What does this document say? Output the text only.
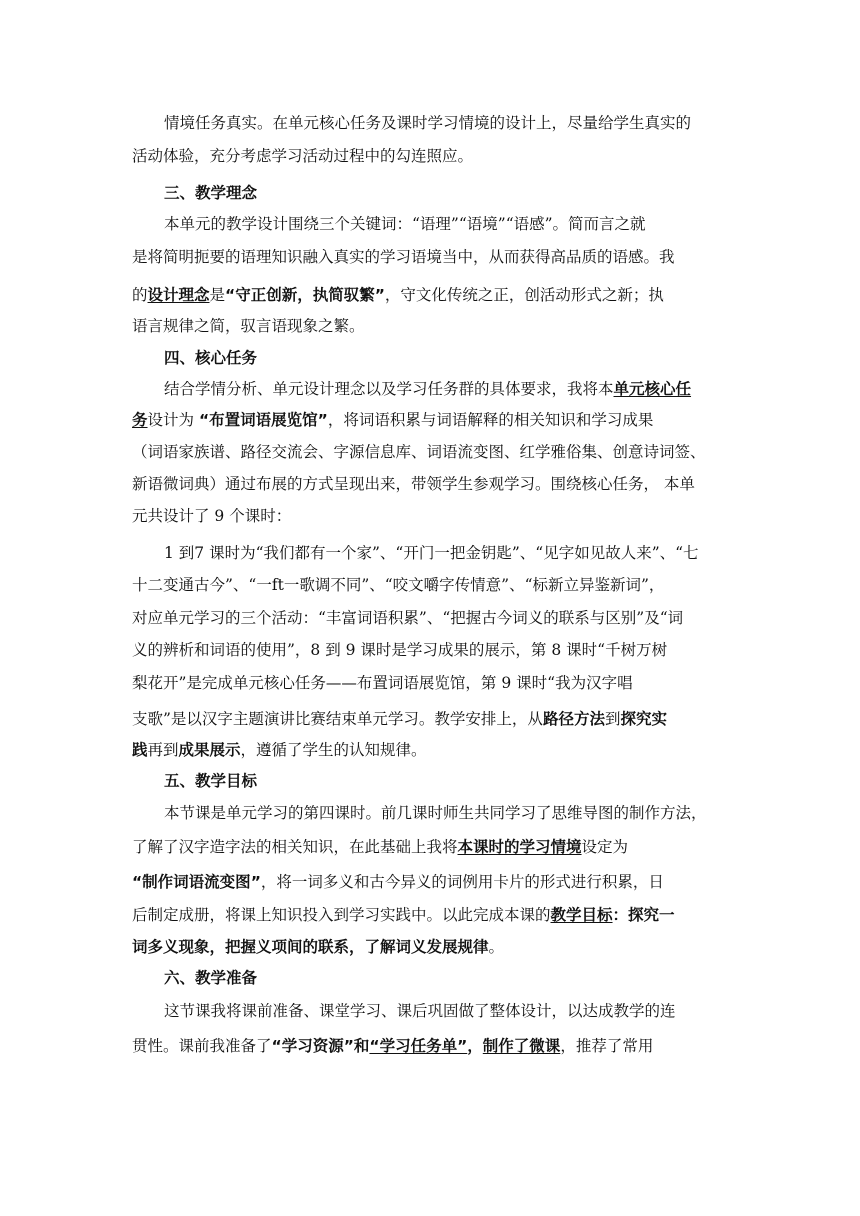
情境任务真实。在单元核心任务及课时学习情境的设计上，尽量给学生真实的
活动体验，充分考虑学习活动过程中的勾连照应。
三、教学理念
本单元的教学设计围绕三个关键词：“语理”“语境”“语感”。简而言之就
是将简明扼要的语理知识融入真实的学习语境当中，从而获得高品质的语感。我
的设计理念是“守正创新，执简驭繁”，守文化传统之正，创活动形式之新；执
语言规律之简，驭言语现象之繁。
四、核心任务
结合学情分析、单元设计理念以及学习任务群的具体要求，我将本单元核心任
务设计为 “布置词语展览馆”，将词语积累与词语解释的相关知识和学习成果
（词语家族谱、路径交流会、字源信息库、词语流变图、红学雅俗集、创意诗词签、
新语微词典）通过布展的方式呈现出来，带领学生参观学习。围绕核心任务， 本单
元共设计了 9 个课时：
1 到7 课时为“我们都有一个家”、“开门一把金钥匙”、“见字如见故人来”、“七
十二变通古今”、“一ft一歌调不同”、“咬文嚼字传情意”、“标新立异鉴新词”，
对应单元学习的三个活动：“丰富词语积累”、“把握古今词义的联系与区别”及“词
义的辨析和词语的使用”，8 到 9 课时是学习成果的展示，第 8 课时“千树万树
梨花开”是完成单元核心任务——布置词语展览馆，第 9 课时“我为汉字唱
支歌”是以汉字主题演讲比赛结束单元学习。教学安排上，从路径方法到探究实
践再到成果展示，遵循了学生的认知规律。
五、教学目标
本节课是单元学习的第四课时。前几课时师生共同学习了思维导图的制作方法，
了解了汉字造字法的相关知识，在此基础上我将本课时的学习情境设定为
“制作词语流变图”，将一词多义和古今异义的词例用卡片的形式进行积累，日
后制定成册，将课上知识投入到学习实践中。以此完成本课的教学目标：探究一
词多义现象，把握义项间的联系，了解词义发展规律。
六、教学准备
这节课我将课前准备、课堂学习、课后巩固做了整体设计，以达成教学的连
贯性。课前我准备了“学习资源”和“学习任务单”，制作了微课，推荐了常用
